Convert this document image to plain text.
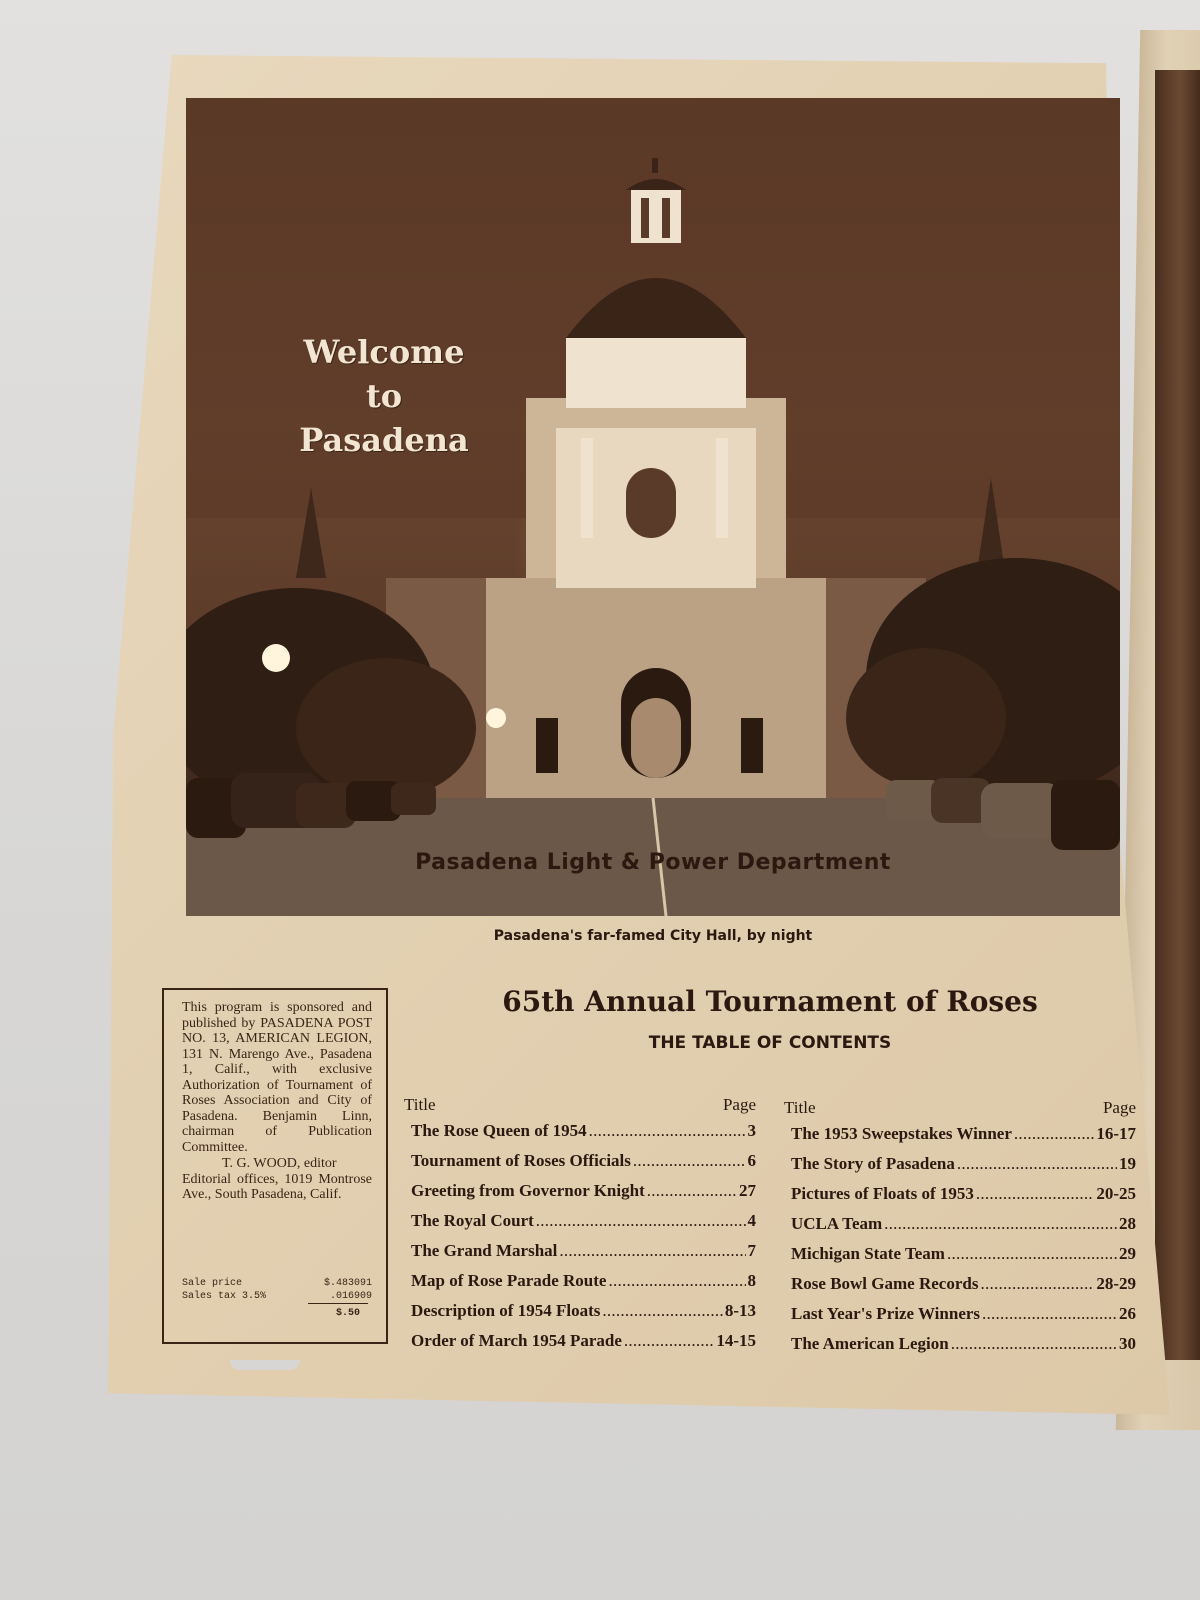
Welcome
to
Pasadena
Pasadena Light & Power Department
Pasadena's far-famed City Hall, by night
This program is sponsored and published by PASADENA POST NO. 13, AMERICAN LEGION, 131 N. Marengo Ave., Pasadena 1, Calif., with exclusive Authorization of Tournament of Roses Association and City of Pasadena. Benjamin Linn, chairman of Publication Committee.
T. G. WOOD, editor
Editorial offices, 1019 Montrose Ave., South Pasadena, Calif.
Sale price	$.483091
Sales tax 3.5%	.016909
$.50
65th Annual Tournament of Roses
THE TABLE OF CONTENTS
Title	Page
The Rose Queen of 1954 . . .	3
Tournament of Roses Officials . . .	6
Greeting from Governor Knight . . .	27
The Royal Court . . .	4
The Grand Marshal . . .	7
Map of Rose Parade Route . . .	8
Description of 1954 Floats . . .	8-13
Order of March 1954 Parade . . .	14-15
Title	Page
The 1953 Sweepstakes Winner . . .	16-17
The Story of Pasadena . . .	19
Pictures of Floats of 1953 . . .	20-25
UCLA Team . . .	28
Michigan State Team . . .	29
Rose Bowl Game Records . . .	28-29
Last Year's Prize Winners . . .	26
The American Legion . . .	30
